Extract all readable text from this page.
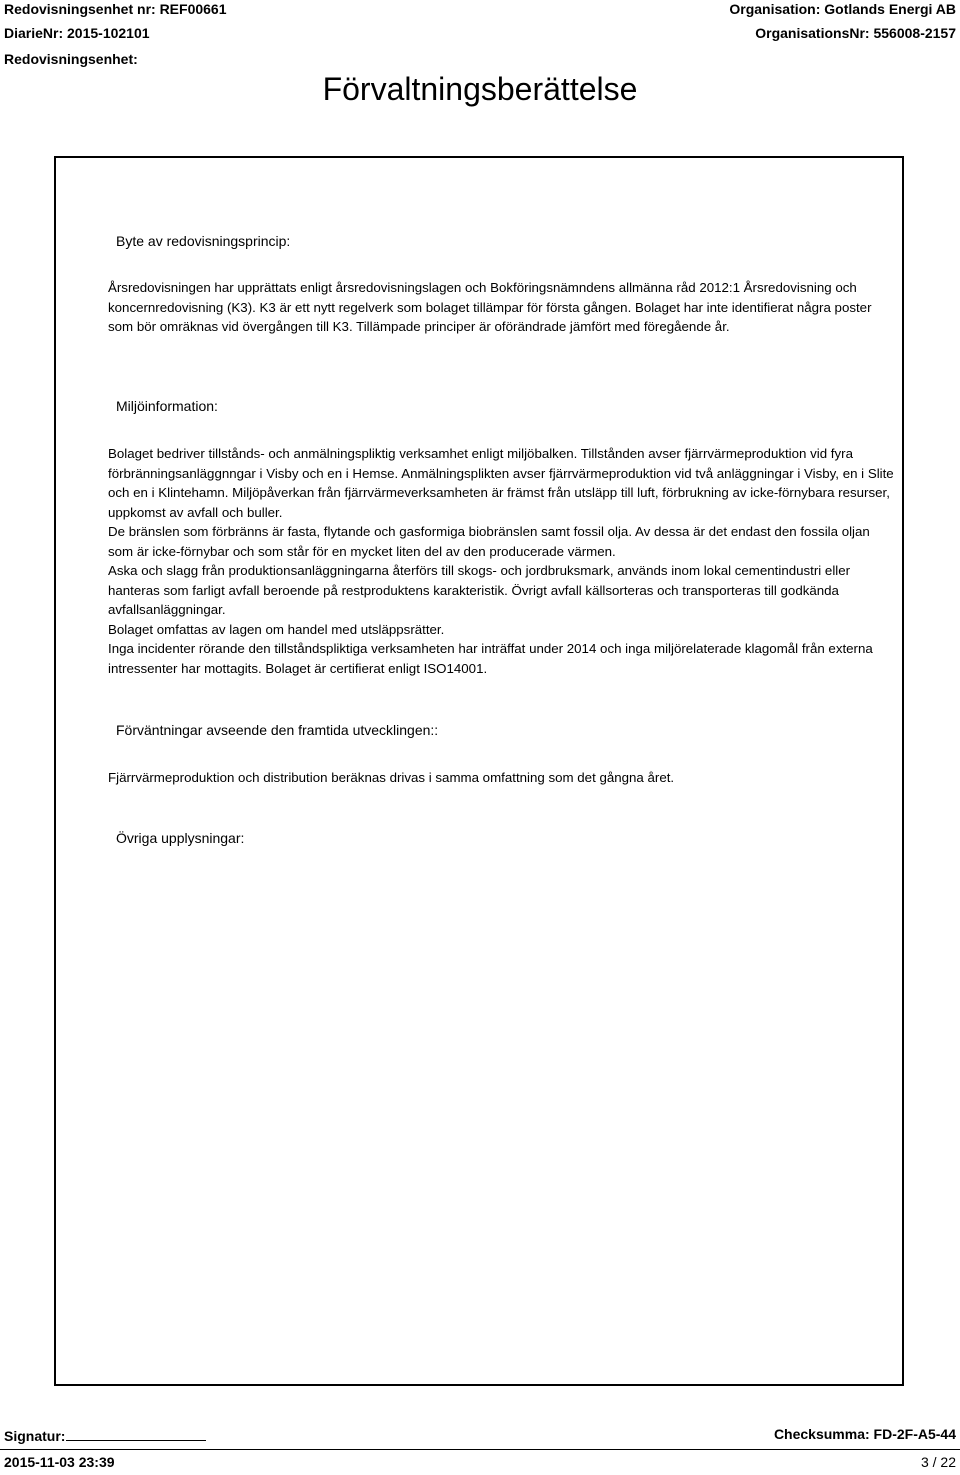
Redovisningsenhet nr: REF00661
DiarieNr: 2015-102101
Redovisningsenhet:
Organisation: Gotlands Energi AB
OrganisationsNr: 556008-2157
Förvaltningsberättelse
Byte av redovisningsprincip:

Årsredovisningen har upprättats enligt årsredovisningslagen och Bokföringsnämndens allmänna råd 2012:1 Årsredovisning och koncernredovisning (K3). K3 är ett nytt regelverk som bolaget tillämpar för första gången. Bolaget har inte identifierat några poster som bör omräknas vid övergången till K3. Tillämpade principer är oförändrade jämfört med föregående år.

Miljöinformation:

Bolaget bedriver tillstånds- och anmälningspliktig verksamhet enligt miljöbalken. Tillstånden avser fjärrvärmeproduktion vid fyra förbränningsanläggnngar i Visby och en i Hemse. Anmälningsplikten avser fjärrvärmeproduktion vid två anläggningar i Visby, en i Slite och en i Klintehamn. Miljöpåverkan från fjärrvärmeverksamheten är främst från utsläpp till luft, förbrukning av icke-förnybara resurser, uppkomst av avfall och buller.

De bränslen som förbränns är fasta, flytande och gasformiga biobränslen samt fossil olja. Av dessa är det endast den fossila oljan som är icke-förnybar och som står för en mycket liten del av den producerade värmen.

Aska och slagg från produktionsanläggningarna återförs till skogs- och jordbruksmark, används inom lokal cementindustri eller hanteras som farligt avfall beroende på restproduktens karakteristik. Övrigt avfall källsorteras och transporteras till godkända avfallsanläggningar.

Bolaget omfattas av lagen om handel med utsläppsrätter.

Inga incidenter rörande den tillståndspliktiga verksamheten har inträffat under 2014 och inga miljörelaterade klagomål från externa intressenter har mottagits. Bolaget är certifierat enligt ISO14001.

Förväntningar avseende den framtida utvecklingen::

Fjärrvärmeproduktion och distribution beräknas drivas i samma omfattning som det gångna året.

Övriga upplysningar:
Signatur:	Checksumma: FD-2F-A5-44
2015-11-03 23:39	3 / 22
